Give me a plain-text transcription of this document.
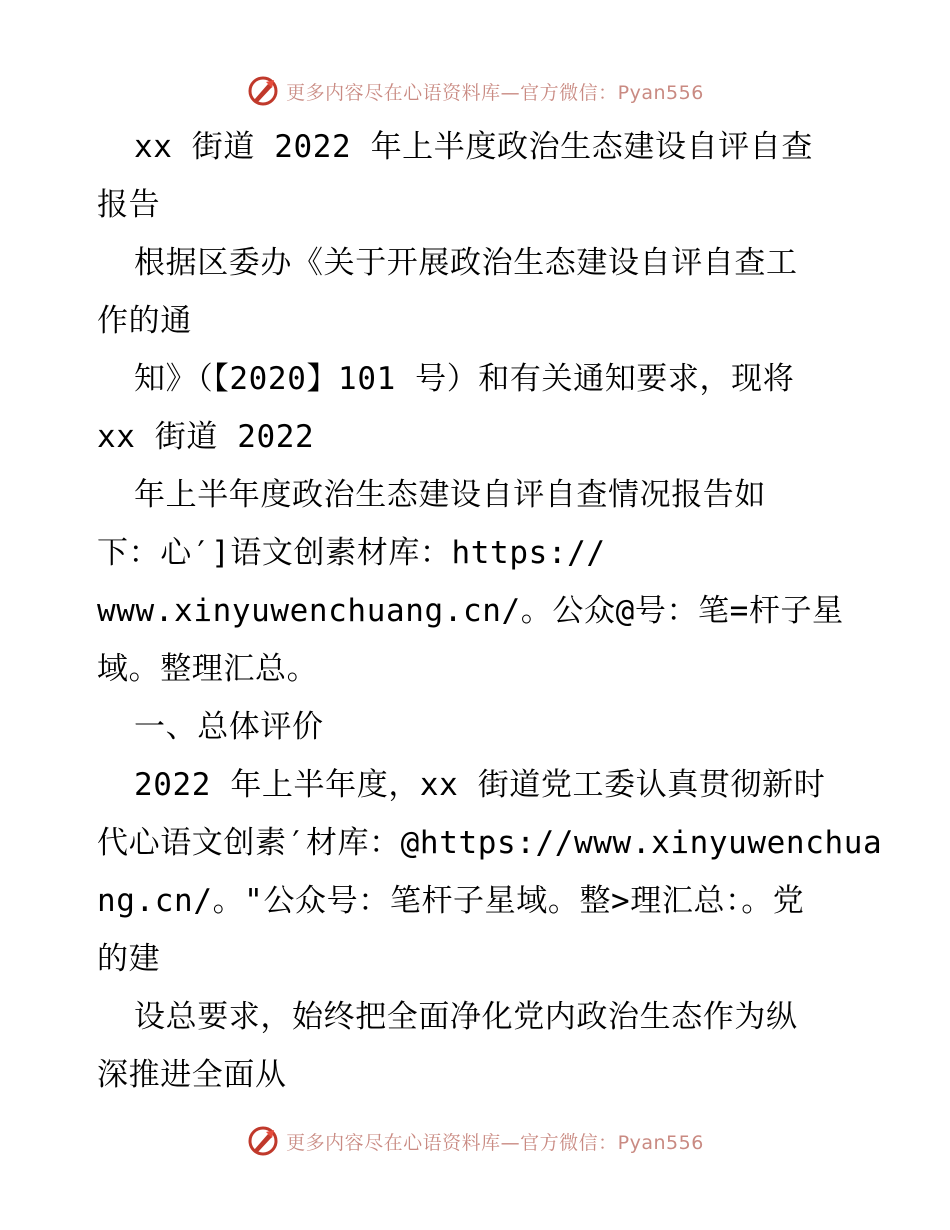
更多内容尽在心语资料库—官方微信：Pyan556
xx 街道 2022 年上半度政治生态建设自评自查
报告
根据区委办《关于开展政治生态建设自评自查工
作的通
知》（【2020】101 号）和有关通知要求，现将
xx 街道 2022
年上半年度政治生态建设自评自查情况报告如
下：心′]语文创素材库：https://
www.xinyuwenchuang.cn/。公众@号：笔=杆子星
域。整理汇总。
一、总体评价
2022 年上半年度，xx 街道党工委认真贯彻新时
代心语文创素′材库：@https://www.xinyuwenchua
ng.cn/。"公众号：笔杆子星域。整>理汇总：。党
的建
设总要求，始终把全面净化党内政治生态作为纵
深推进全面从
更多内容尽在心语资料库—官方微信：Pyan556
